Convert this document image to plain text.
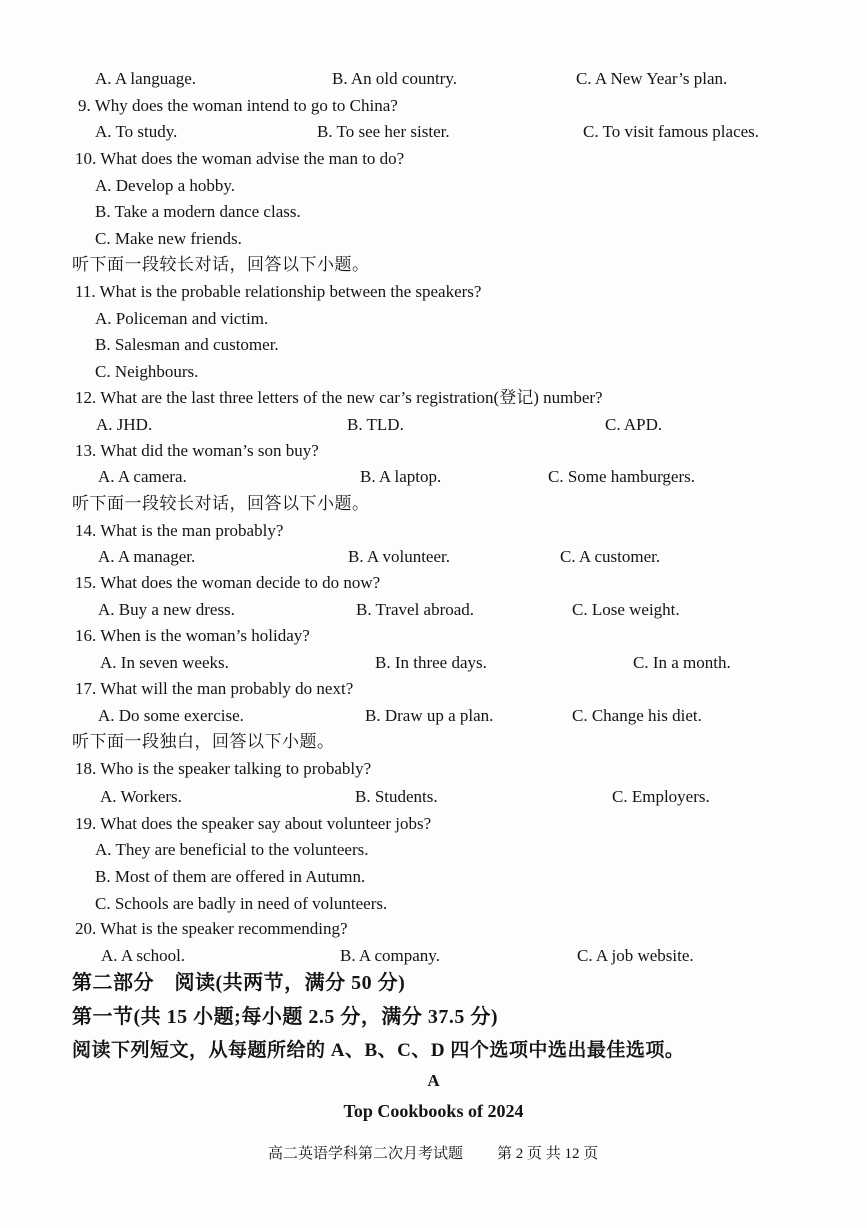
A. A language.	B. An old country.	C. A New Year’s plan.
9. Why does the woman intend to go to China?
A. To study.	B. To see her sister.	C. To visit famous places.
10. What does the woman advise the man to do?
A. Develop a hobby.
B. Take a modern dance class.
C. Make new friends.
听下面一段较长对话，回答以下小题。
11. What is the probable relationship between the speakers?
A. Policeman and victim.
B. Salesman and customer.
C. Neighbours.
12. What are the last three letters of the new car’s registration(登记) number?
A. JHD.	B. TLD.	C. APD.
13. What did the woman’s son buy?
A. A camera.	B. A laptop.	C. Some hamburgers.
听下面一段较长对话，回答以下小题。
14. What is the man probably?
A. A manager.	B. A volunteer.	C. A customer.
15. What does the woman decide to do now?
A. Buy a new dress.	B. Travel abroad.	C. Lose weight.
16. When is the woman’s holiday?
A. In seven weeks.	B. In three days.	C. In a month.
17. What will the man probably do next?
A. Do some exercise.	B. Draw up a plan.	C. Change his diet.
听下面一段独白，回答以下小题。
18. Who is the speaker talking to probably?
A. Workers.	B. Students.	C. Employers.
19. What does the speaker say about volunteer jobs?
A. They are beneficial to the volunteers.
B. Most of them are offered in Autumn.
C. Schools are badly in need of volunteers.
20. What is the speaker recommending?
A. A school.	B. A company.	C. A job website.
第二部分　阅读(共两节，满分 50 分)
第一节(共 15 小题;每小题 2.5 分，满分 37.5 分)
阅读下列短文，从每题所给的 A、B、C、D 四个选项中选出最佳选项。
A
Top Cookbooks of 2024
高二英语学科第二次月考试题 第 2 页 共 12 页
